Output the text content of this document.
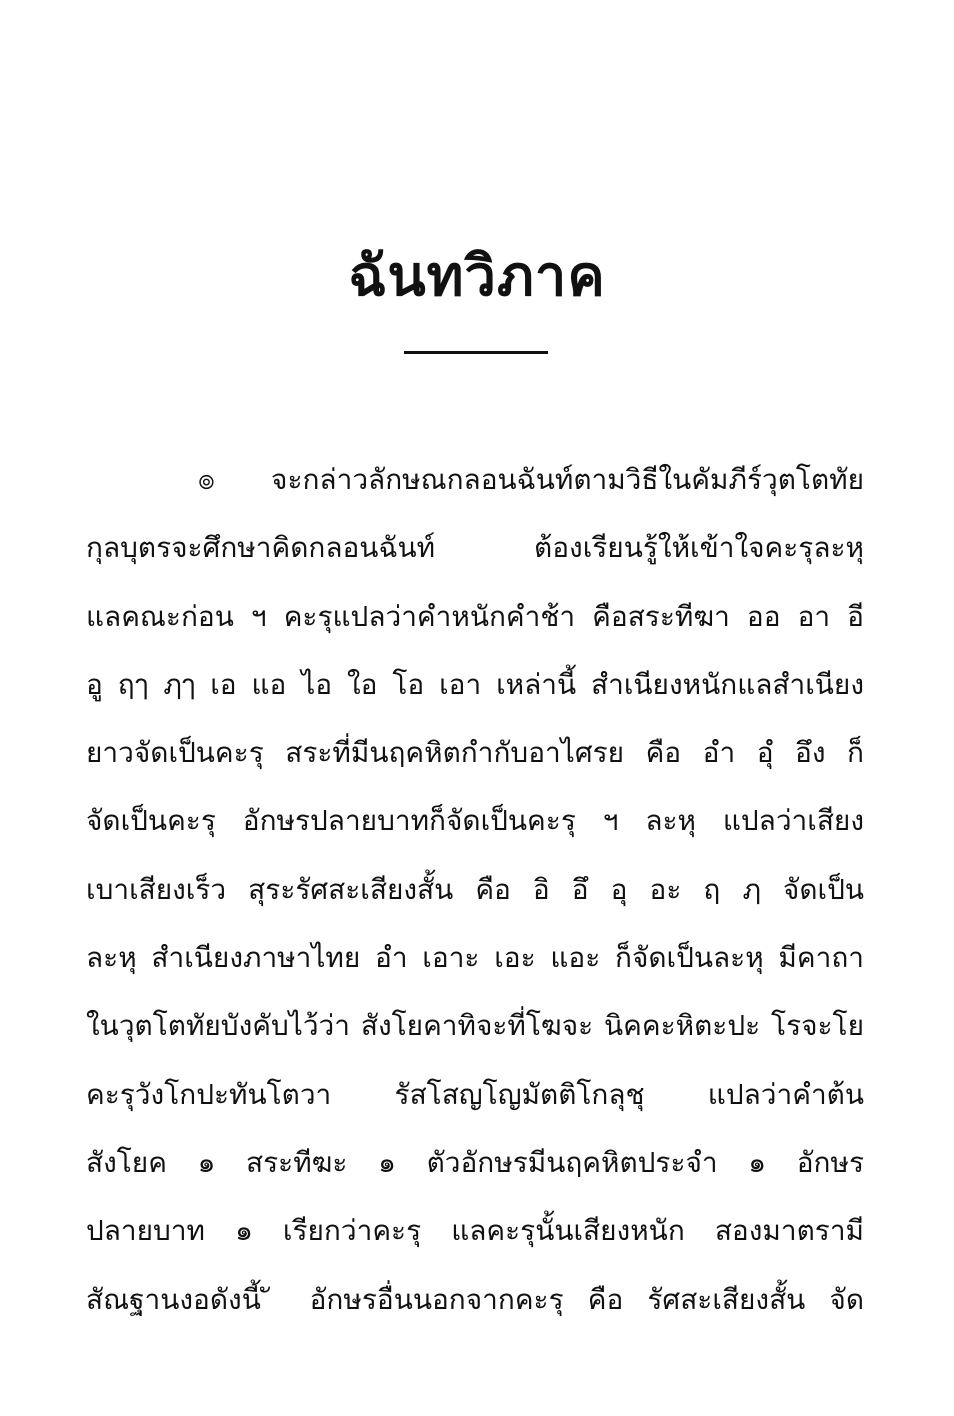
ฉันทวิภาค
๏ จะกล่าวลักษณกลอนฉันท์ตามวิธีในคัมภีร์วุตโตทัย
กุลบุตรจะศึกษาคิดกลอนฉันท์ ต้องเรียนรู้ให้เข้าใจคะรุละหุ
แลคณะก่อน ฯ คะรุแปลว่าคำหนักคำช้า คือสระทีฆา ออ อา อี
อู ฤๅ ฦๅ เอ แอ ไอ ใอ โอ เอา เหล่านี้ สำเนียงหนักแลสำเนียง
ยาวจัดเป็นคะรุ สระที่มีนฤคหิตกำกับอาไศรย คือ อำ อุํ อึง ก็
จัดเป็นคะรุ อักษรปลายบาทก็จัดเป็นคะรุ ฯ ละหุ แปลว่าเสียง
เบาเสียงเร็ว สุระรัศสะเสียงสั้น คือ อิ อึ อุ อะ ฤ ฦ จัดเป็น
ละหุ สำเนียงภาษาไทย อำ เอาะ เอะ แอะ ก็จัดเป็นละหุ มีคาถา
ในวุตโตทัยบังคับไว้ว่า สังโยคาทิจะที่โฆจะ นิคคะหิตะปะ โรจะโย
คะรุวังโกปะทันโตวา รัสโสญโญมัตติโกลุชุ แปลว่าคำต้น
สังโยค ๑ สระทีฆะ ๑ ตัวอักษรมีนฤคหิตประจำ ๑ อักษร
ปลายบาท ๑ เรียกว่าคะรุ แลคะรุนั้นเสียงหนัก สองมาตรามี
สัณฐานงอดังนี้ ั อักษรอื่นนอกจากคะรุ คือ รัศสะเสียงสั้น จัด
